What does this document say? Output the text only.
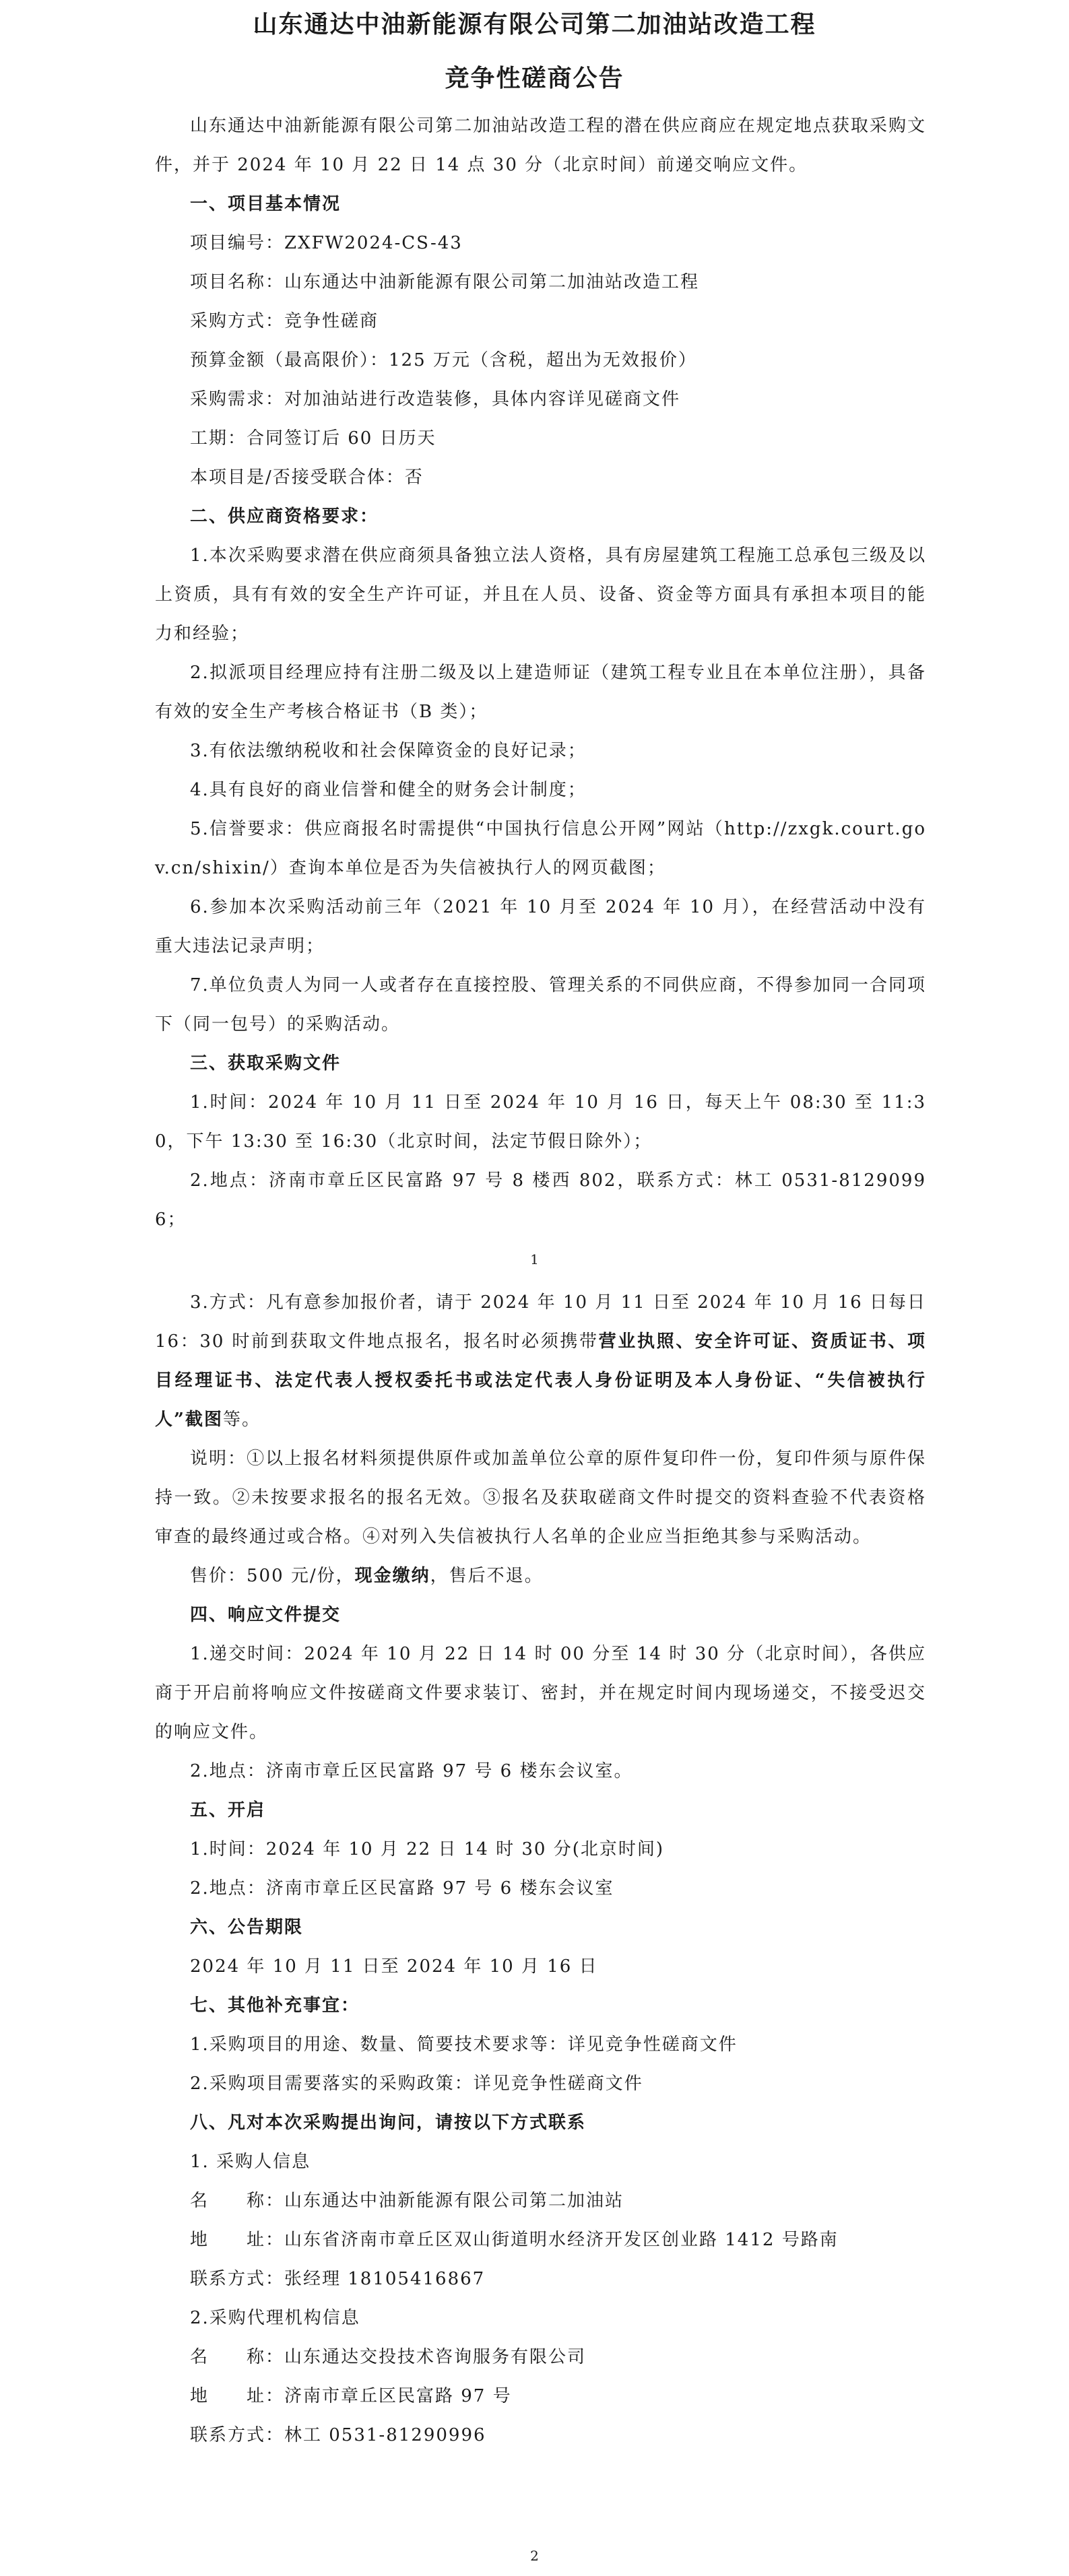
山东通达中油新能源有限公司第二加油站改造工程
竞争性磋商公告

山东通达中油新能源有限公司第二加油站改造工程的潜在供应商应在规定地点获取采购文件，并于 2024 年 10 月 22 日 14 点 30 分（北京时间）前递交响应文件。

一、项目基本情况

项目编号：ZXFW2024-CS-43

项目名称：山东通达中油新能源有限公司第二加油站改造工程

采购方式：竞争性磋商

预算金额（最高限价）：125 万元（含税，超出为无效报价）

采购需求：对加油站进行改造装修，具体内容详见磋商文件

工期：合同签订后 60 日历天

本项目是/否接受联合体：否

二、供应商资格要求：

1.本次采购要求潜在供应商须具备独立法人资格，具有房屋建筑工程施工总承包三级及以上资质，具有有效的安全生产许可证，并且在人员、设备、资金等方面具有承担本项目的能力和经验；

2.拟派项目经理应持有注册二级及以上建造师证（建筑工程专业且在本单位注册），具备有效的安全生产考核合格证书（B 类）；

3.有依法缴纳税收和社会保障资金的良好记录；

4.具有良好的商业信誉和健全的财务会计制度；

5.信誉要求：供应商报名时需提供“中国执行信息公开网”网站（http://zxgk.court.gov.cn/shixin/）查询本单位是否为失信被执行人的网页截图；

6.参加本次采购活动前三年（2021 年 10 月至 2024 年 10 月），在经营活动中没有重大违法记录声明；

7.单位负责人为同一人或者存在直接控股、管理关系的不同供应商，不得参加同一合同项下（同一包号）的采购活动。

三、获取采购文件

1.时间：2024 年 10 月 11 日至 2024 年 10 月 16 日，每天上午 08:30 至 11:30，下午 13:30 至 16:30（北京时间，法定节假日除外）；

2.地点：济南市章丘区民富路 97 号 8 楼西 802，联系方式：林工 0531-81290996；

1

3.方式：凡有意参加报价者，请于 2024 年 10 月 11 日至 2024 年 10 月 16 日每日 16：30 时前到获取文件地点报名，报名时必须携带营业执照、安全许可证、资质证书、项目经理证书、法定代表人授权委托书或法定代表人身份证明及本人身份证、“失信被执行人”截图等。

说明：①以上报名材料须提供原件或加盖单位公章的原件复印件一份，复印件须与原件保持一致。②未按要求报名的报名无效。③报名及获取磋商文件时提交的资料查验不代表资格审查的最终通过或合格。④对列入失信被执行人名单的企业应当拒绝其参与采购活动。

售价：500 元/份，现金缴纳，售后不退。

四、响应文件提交

1.递交时间：2024 年 10 月 22 日 14 时 00 分至 14 时 30 分（北京时间），各供应商于开启前将响应文件按磋商文件要求装订、密封，并在规定时间内现场递交，不接受迟交的响应文件。

2.地点：济南市章丘区民富路 97 号 6 楼东会议室。

五、开启

1.时间：2024 年 10 月 22 日 14 时 30 分(北京时间)

2.地点：济南市章丘区民富路 97 号 6 楼东会议室

六、公告期限

2024 年 10 月 11 日至 2024 年 10 月 16 日

七、其他补充事宜：

1.采购项目的用途、数量、简要技术要求等：详见竞争性磋商文件

2.采购项目需要落实的采购政策：详见竞争性磋商文件

八、凡对本次采购提出询问，请按以下方式联系

1. 采购人信息

名　　称：山东通达中油新能源有限公司第二加油站

地　　址：山东省济南市章丘区双山街道明水经济开发区创业路 1412 号路南

联系方式：张经理 18105416867

2.采购代理机构信息

名　　称：山东通达交投技术咨询服务有限公司

地　　址：济南市章丘区民富路 97 号

联系方式：林工 0531-81290996

2
